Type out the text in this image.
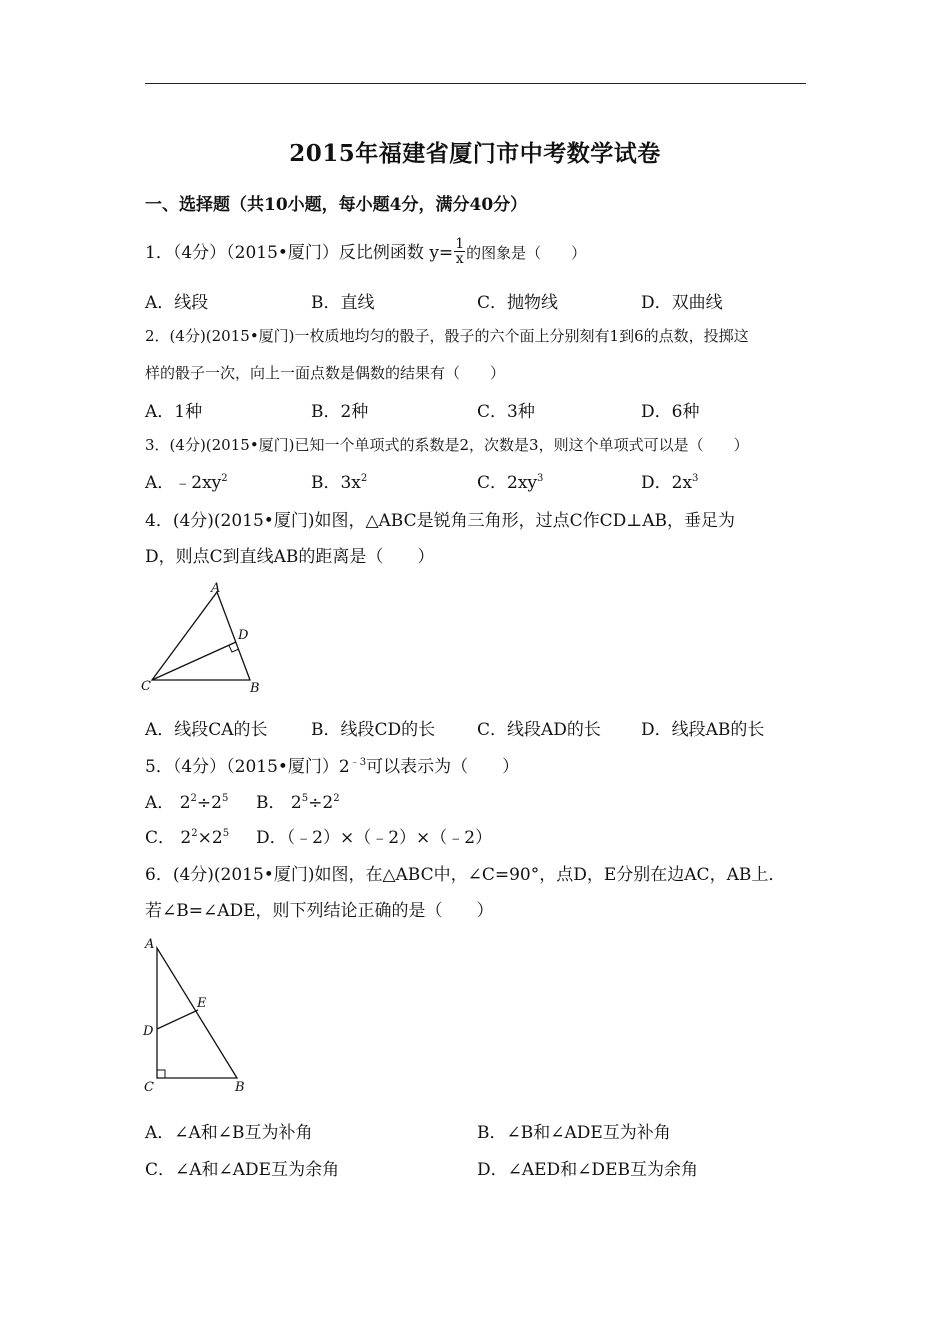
2015年福建省厦门市中考数学试卷
一、选择题（共10小题，每小题4分，满分40分）
1．（4分）（2015•厦门）反比例函数 $y= \frac{1}{x}$ 的图象是（　　）
A．线段	B．直线	C．抛物线	D．双曲线
2．(4分)(2015•厦门)一枚质地均匀的骰子，骰子的六个面上分别刻有1到6的点数，投掷这
样的骰子一次，向上一面点数是偶数的结果有（　　）
A．1种	B．2种	C．3种	D．6种
3．(4分)(2015•厦门)已知一个单项式的系数是2，次数是3，则这个单项式可以是（　　）
A．$﹣2xy^2$	B．$3x^2$	C．$2xy^3$	D．$2x^3$
4．(4分)(2015•厦门)如图，△ABC是锐角三角形，过点C作CD⊥AB，垂足为
D，则点C到直线AB的距离是（　　）
A
B
C
D
A．线段CA的长	B．线段CD的长 C．线段AD的长 D．线段AB的长
5．（4分）（2015•厦门）$2^{﹣3}$可以表示为（　　）
A． $2^2\div 2^5$ B． $2^5\div 2^2$
C． $2^2\times 2^5$ D．（﹣2）×（﹣2）×（﹣2）
6．(4分)(2015•厦门)如图，在△ABC中，∠C=90°，点D，E分别在边AC，AB上．
若∠B=∠ADE，则下列结论正确的是（　　）
A
B
C
D
E
A．∠A和∠B互为补角	B．∠B和∠ADE互为补角
C．∠A和∠ADE互为余角	D．∠AED和∠DEB互为余角
